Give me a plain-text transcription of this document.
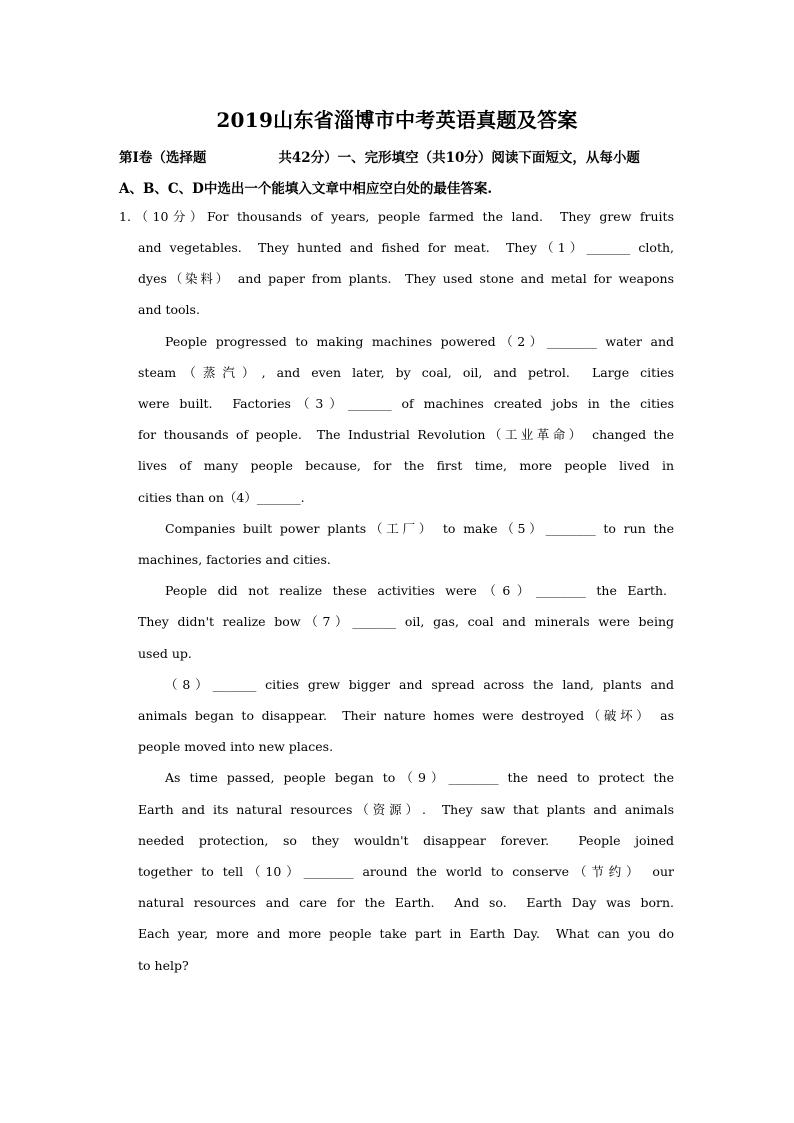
2019山东省淄博市中考英语真题及答案

第I卷（选择题	共42分）一、完形填空（共10分）阅读下面短文，从每小题

A、B、C、D中选出一个能填入文章中相应空白处的最佳答案.

1.（10分）For thousands of years, people farmed the land.  They grew fruits

and vegetables.  They hunted and fished for meat.  They（1）_______ cloth,

dyes（染料） and paper from plants.  They used stone and metal for weapons

and tools.

People progressed to making machines powered（2）________ water and

steam（蒸汽）, and even later, by coal, oil, and petrol.  Large cities

were built.  Factories（3）_______ of machines created jobs in the cities

for thousands of people.  The Industrial Revolution（工业革命） changed the

lives of many people because, for the first time, more people lived in

cities than on（4）_______.

Companies built power plants（工厂） to make（5）________ to run the

machines, factories and cities.

People did not realize these activities were（6）________ the Earth.

They didn't realize bow（7）_______ oil, gas, coal and minerals were being

used up.

（8）_______ cities grew bigger and spread across the land, plants and

animals began to disappear.  Their nature homes were destroyed（破坏） as

people moved into new places.

As time passed, people began to（9）________ the need to protect the

Earth and its natural resources（资源）.  They saw that plants and animals

needed protection, so they wouldn't disappear forever.  People joined

together to tell（10）________ around the world to conserve（节约） our

natural resources and care for the Earth.  And so.  Earth Day was born.

Each year, more and more people take part in Earth Day.  What can you do

to help?
